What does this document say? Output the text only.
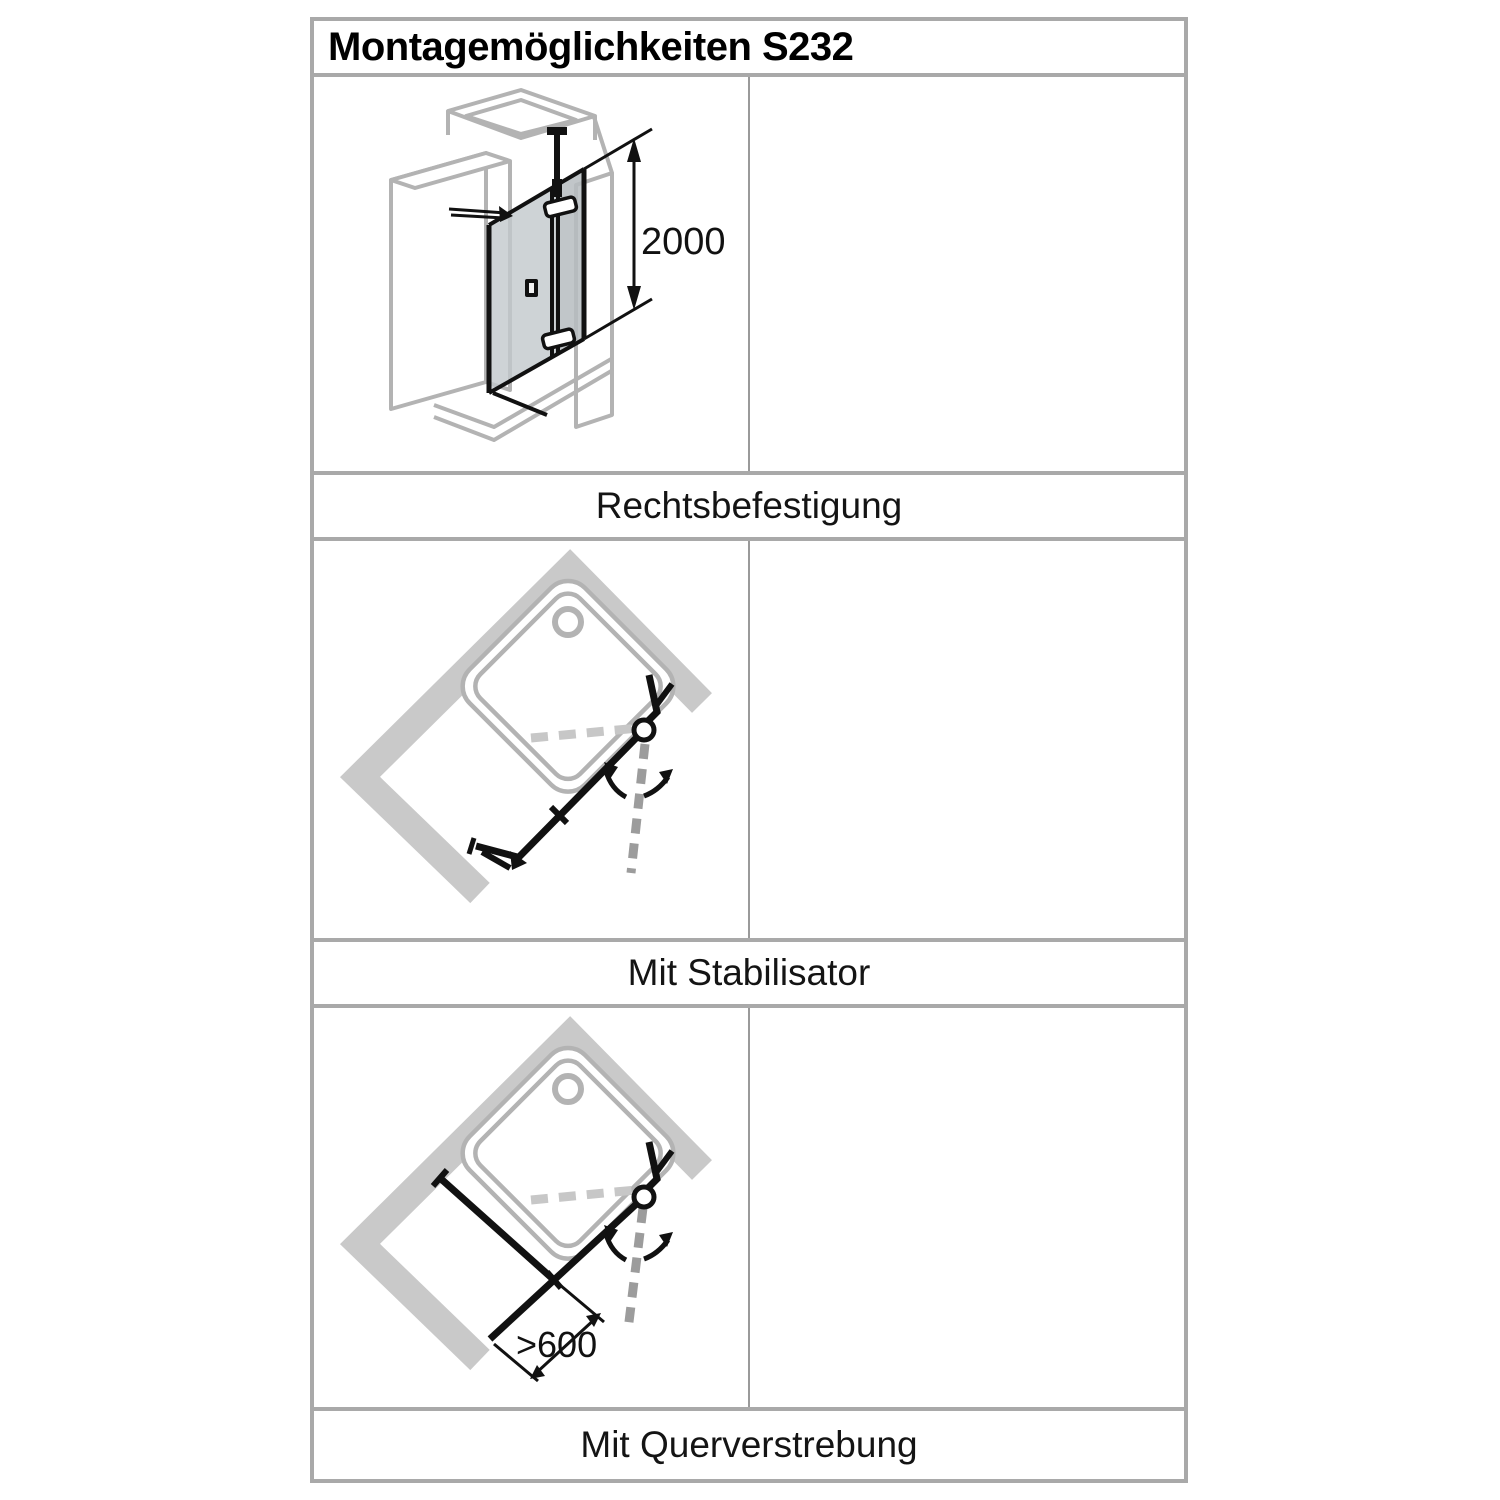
Montagemöglichkeiten S232
2000
Rechtsbefestigung
Mit Stabilisator
>600
Mit Querverstrebung
